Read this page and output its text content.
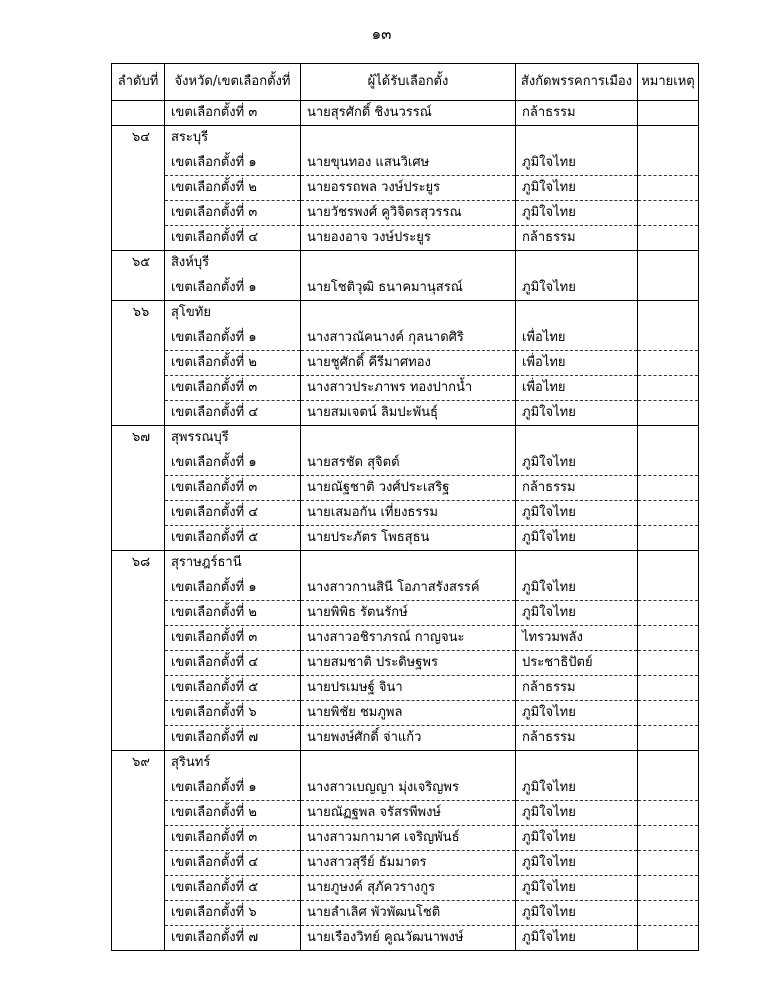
๑๓
ลำดับที่	จังหวัด/เขตเลือกตั้งที่	ผู้ได้รับเลือกตั้ง	สังกัดพรรคการเมือง	หมายเหตุ
	เขตเลือกตั้งที่ ๓	นายสุรศักดิ์ ชิงนวรรณ์	กล้าธรรม	
๖๔	สระบุรี			
	เขตเลือกตั้งที่ ๑	นายขุนทอง แสนวิเศษ	ภูมิใจไทย	
	เขตเลือกตั้งที่ ๒	นายอรรถพล วงษ์ประยูร	ภูมิใจไทย	
	เขตเลือกตั้งที่ ๓	นายวัชรพงศ์ คูวิจิตรสุวรรณ	ภูมิใจไทย	
	เขตเลือกตั้งที่ ๔	นายองอาจ วงษ์ประยูร	กล้าธรรม	
๖๕	สิงห์บุรี			
	เขตเลือกตั้งที่ ๑	นายโชติวุฒิ ธนาคมานุสรณ์	ภูมิใจไทย	
๖๖	สุโขทัย			
	เขตเลือกตั้งที่ ๑	นางสาวณัคนางค์ กุลนาดศิริ	เพื่อไทย	
	เขตเลือกตั้งที่ ๒	นายชูศักดิ์ คีรีมาศทอง	เพื่อไทย	
	เขตเลือกตั้งที่ ๓	นางสาวประภาพร ทองปากน้ำ	เพื่อไทย	
	เขตเลือกตั้งที่ ๔	นายสมเจตน์ ลิมปะพันธุ์	ภูมิใจไทย	
๖๗	สุพรรณบุรี			
	เขตเลือกตั้งที่ ๑	นายสรชัด สุจิตต์	ภูมิใจไทย	
	เขตเลือกตั้งที่ ๓	นายณัฐชาติ วงศ์ประเสริฐ	กล้าธรรม	
	เขตเลือกตั้งที่ ๔	นายเสมอกัน เที่ยงธรรม	ภูมิใจไทย	
	เขตเลือกตั้งที่ ๕	นายประภัตร โพธสุธน	ภูมิใจไทย	
๖๘	สุราษฎร์ธานี			
	เขตเลือกตั้งที่ ๑	นางสาวกานสินี โอภาสรังสรรค์	ภูมิใจไทย	
	เขตเลือกตั้งที่ ๒	นายพิพิธ รัตนรักษ์	ภูมิใจไทย	
	เขตเลือกตั้งที่ ๓	นางสาวอชิราภรณ์ กาญจนะ	ไทรวมพลัง	
	เขตเลือกตั้งที่ ๔	นายสมชาติ ประดิษฐพร	ประชาธิปัตย์	
	เขตเลือกตั้งที่ ๕	นายปรเมษฐ์ จินา	กล้าธรรม	
	เขตเลือกตั้งที่ ๖	นายพิชัย ชมภูพล	ภูมิใจไทย	
	เขตเลือกตั้งที่ ๗	นายพงษ์ศักดิ์ จ่าแก้ว	กล้าธรรม	
๖๙	สุรินทร์			
	เขตเลือกตั้งที่ ๑	นางสาวเบญญา มุ่งเจริญพร	ภูมิใจไทย	
	เขตเลือกตั้งที่ ๒	นายณัฏฐพล จรัสรพีพงษ์	ภูมิใจไทย	
	เขตเลือกตั้งที่ ๓	นางสาวมกามาศ เจริญพันธ์	ภูมิใจไทย	
	เขตเลือกตั้งที่ ๔	นางสาวสุรีย์ ธัมมาตร	ภูมิใจไทย	
	เขตเลือกตั้งที่ ๕	นายภูษงค์ สุภัควรางกูร	ภูมิใจไทย	
	เขตเลือกตั้งที่ ๖	นายลำเลิศ พัวพัฒนโชติ	ภูมิใจไทย	
	เขตเลือกตั้งที่ ๗	นายเรืองวิทย์ คูณวัฒนาพงษ์	ภูมิใจไทย	
